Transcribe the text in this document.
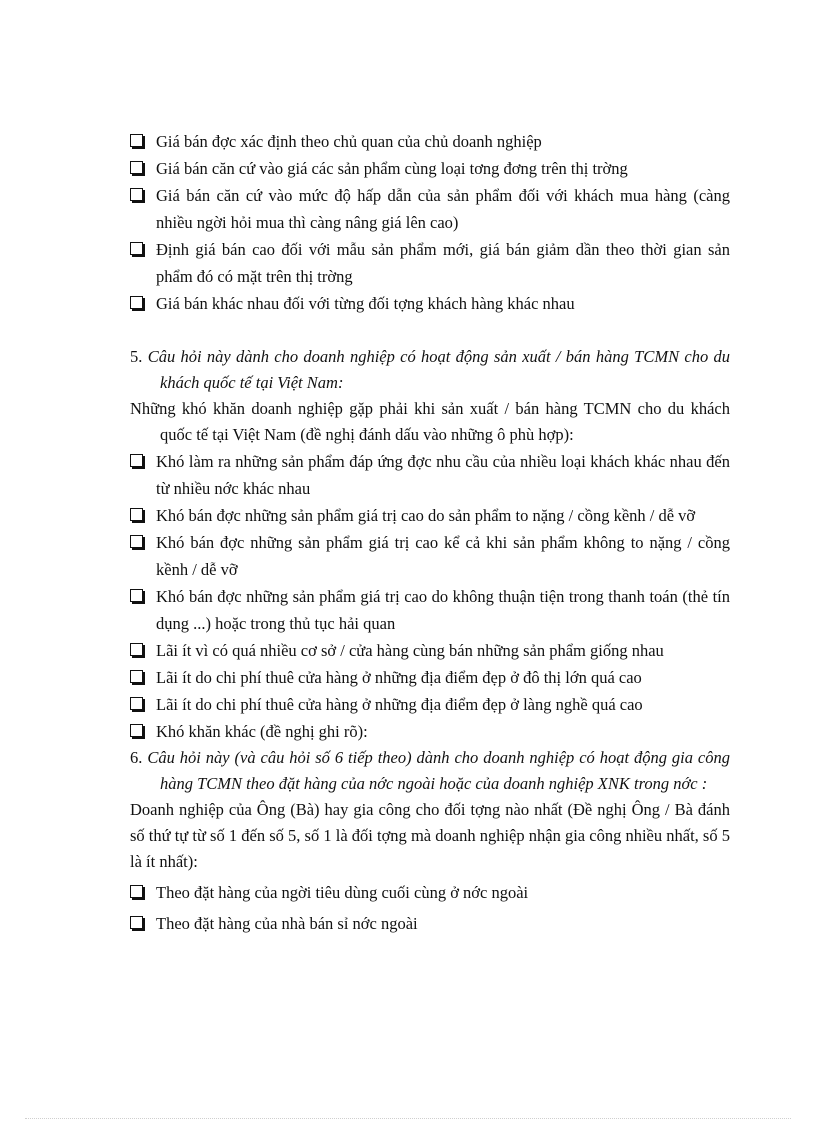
Giá bán đợc xác định theo chủ quan của chủ doanh nghiệp
Giá bán căn cứ vào giá các sản phẩm cùng loại tơng đơng trên thị trờng
Giá bán căn cứ vào mức độ hấp dẫn của sản phẩm đối với khách mua hàng (càng nhiều ngời hỏi mua thì càng nâng giá lên cao)
Định giá bán cao đối với mẫu sản phẩm mới, giá bán giảm dần theo thời gian sản phẩm đó có mặt trên thị trờng
Giá bán khác nhau đối với từng đối tợng khách hàng khác nhau
5. Câu hỏi này dành cho doanh nghiệp có hoạt động sản xuất / bán hàng TCMN cho du khách quốc tế tại Việt Nam:
Những khó khăn doanh nghiệp gặp phải khi sản xuất / bán hàng TCMN cho du khách quốc tế tại Việt Nam (đề nghị đánh dấu vào những ô phù hợp):
Khó làm ra những sản phẩm đáp ứng đợc nhu cầu của nhiều loại khách khác nhau đến từ nhiều nớc khác nhau
Khó bán đợc những sản phẩm giá trị cao do sản phẩm to nặng / cồng kềnh / dễ vỡ
Khó bán đợc những sản phẩm giá trị cao kể cả khi sản phẩm không to nặng / cồng kềnh / dễ vỡ
Khó bán đợc những sản phẩm giá trị cao do không thuận tiện trong thanh toán (thẻ tín dụng ...) hoặc trong thủ tục hải quan
Lãi ít vì có quá nhiều cơ sở / cửa hàng cùng bán những sản phẩm giống nhau
Lãi ít do chi phí thuê cửa hàng ở những địa điểm đẹp ở đô thị lớn quá cao
Lãi ít do chi phí thuê cửa hàng ở những địa điểm đẹp ở làng nghề quá cao
Khó khăn khác (đề nghị ghi rõ):
6. Câu hỏi này (và câu hỏi số 6 tiếp theo) dành cho doanh nghiệp có hoạt động gia công hàng TCMN theo đặt hàng của nớc ngoài hoặc của doanh nghiệp XNK trong nớc :
Doanh nghiệp của Ông (Bà) hay gia công cho đối tợng nào nhất (Đề nghị Ông / Bà đánh số thứ tự từ số 1 đến số 5, số 1 là đối tợng mà doanh nghiệp nhận gia công nhiều nhất, số 5 là ít nhất):
Theo đặt hàng của ngời tiêu dùng cuối cùng ở nớc ngoài
Theo đặt hàng của nhà bán sỉ nớc ngoài
